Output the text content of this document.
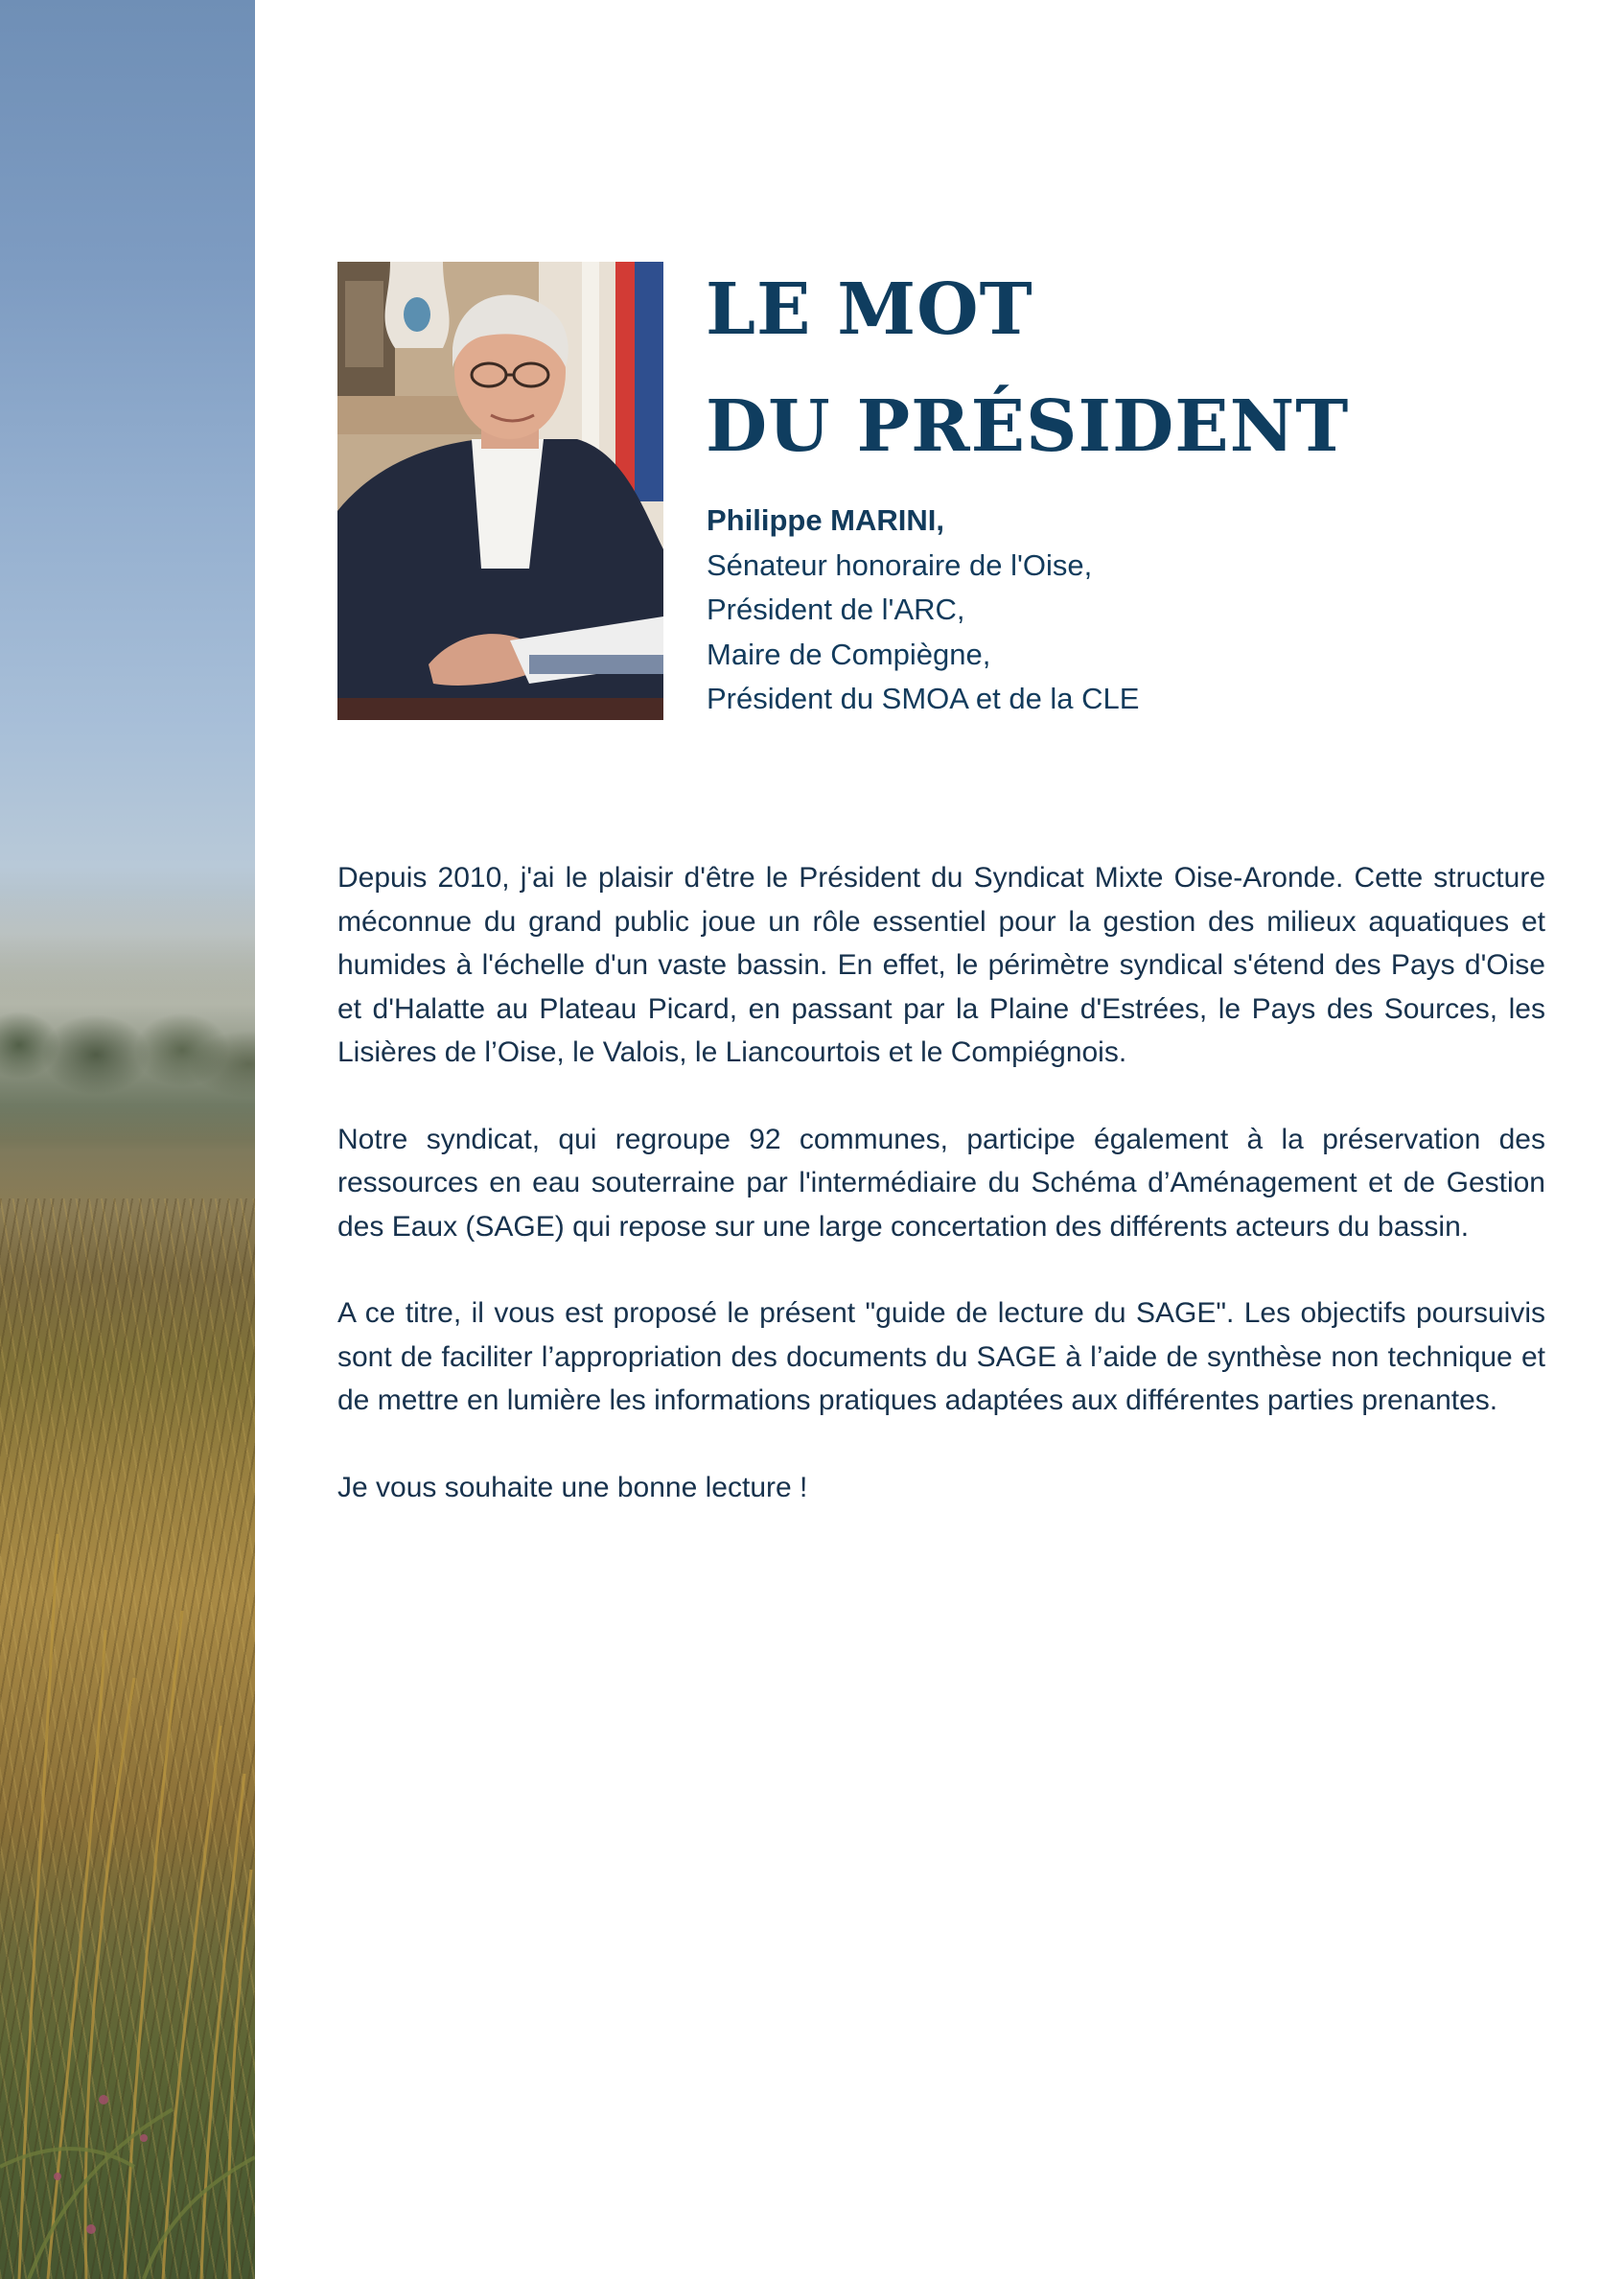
LE MOT
DU PRÉSIDENT
Philippe MARINI,
Sénateur honoraire de l'Oise,
Président de l'ARC,
Maire de Compiègne,
Président du SMOA et de la CLE

Depuis 2010, j'ai le plaisir d'être le Président du Syndicat Mixte Oise-Aronde. Cette structure méconnue du grand public joue un rôle essentiel pour la gestion des milieux aquatiques et humides à l'échelle d'un vaste bassin. En effet, le périmètre syndical s'étend des Pays d'Oise et d'Halatte au Plateau Picard, en passant par la Plaine d'Estrées, le Pays des Sources, les Lisières de l’Oise, le Valois, le Liancourtois et le Compiégnois.

Notre syndicat, qui regroupe 92 communes, participe également à la préservation des ressources en eau souterraine par l'intermédiaire du Schéma d’Aménagement et de Gestion des Eaux (SAGE) qui repose sur une large concertation des différents acteurs du bassin.

A ce titre, il vous est proposé le présent "guide de lecture du SAGE". Les objectifs poursuivis sont de faciliter l’appropriation des documents du SAGE à l’aide de synthèse non technique et de mettre en lumière les informations pratiques adaptées aux différentes parties prenantes.

Je vous souhaite une bonne lecture !
